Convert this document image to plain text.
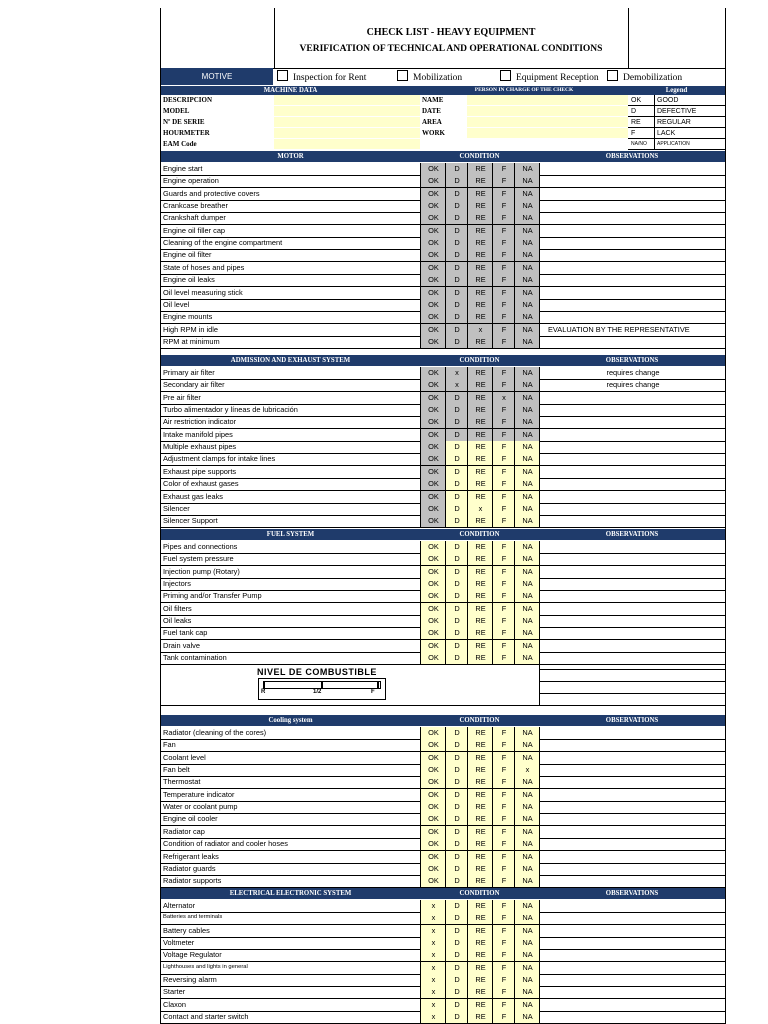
CHECK LIST - HEAVY EQUIPMENT
VERIFICATION OF TECHNICAL AND OPERATIONAL CONDITIONS
MOTIVE	Inspection for Rent	Mobilization	Equipment Reception	Demobilization
MACHINE DATA	PERSON IN CHARGE OF THE CHECK	Legend
DESCRIPCION	NAME	OK	GOOD
MODEL	DATE	D	DEFECTIVE
Nº DE SERIE	AREA	RE	REGULAR
HOURMETER	WORK	F	LACK
EAM Code	NA/NO	APPLICATION
MOTOR	CONDITION	OBSERVATIONS
Engine start	OK	D	RE	F	NA
Engine operation	OK	D	RE	F	NA
Guards and protective covers	OK	D	RE	F	NA
Crankcase breather	OK	D	RE	F	NA
Crankshaft dumper	OK	D	RE	F	NA
Engine oil filler cap	OK	D	RE	F	NA
Cleaning of the engine compartment	OK	D	RE	F	NA
Engine oil filter	OK	D	RE	F	NA
State of hoses and pipes	OK	D	RE	F	NA
Engine oil leaks	OK	D	RE	F	NA
Oil level measuring stick	OK	D	RE	F	NA
Oil level	OK	D	RE	F	NA
Engine mounts	OK	D	RE	F	NA
High RPM in idle	OK	D	x	F	NA	EVALUATION BY THE REPRESENTATIVE
RPM at minimum	OK	D	RE	F	NA
ADMISSION AND EXHAUST SYSTEM	CONDITION	OBSERVATIONS
Primary air filter	OK	x	RE	F	NA	requires change
Secondary air filter	OK	x	RE	F	NA	requires change
Pre air filter	OK	D	RE	x	NA
Turbo alimentador y líneas de lubricación	OK	D	RE	F	NA
Air restriction indicator	OK	D	RE	F	NA
Intake manifold pipes	OK	D	RE	F	NA
Multiple exhaust pipes	OK	D	RE	F	NA
Adjustment clamps for intake lines	OK	D	RE	F	NA
Exhaust pipe supports	OK	D	RE	F	NA
Color of exhaust gases	OK	D	RE	F	NA
Exhaust gas leaks	OK	D	RE	F	NA
Silencer	OK	D	x	F	NA
Silencer Support	OK	D	RE	F	NA
FUEL SYSTEM	CONDITION	OBSERVATIONS
Pipes and connections	OK	D	RE	F	NA
Fuel system pressure	OK	D	RE	F	NA
Injection pump (Rotary)	OK	D	RE	F	NA
Injectors	OK	D	RE	F	NA
Priming and/or Transfer Pump	OK	D	RE	F	NA
Oil filters	OK	D	RE	F	NA
Oil leaks	OK	D	RE	F	NA
Fuel tank cap	OK	D	RE	F	NA
Drain valve	OK	D	RE	F	NA
Tank contamination	OK	D	RE	F	NA
Cooling system	CONDITION	OBSERVATIONS
Radiator (cleaning of the cores)	OK	D	RE	F	NA
Fan	OK	D	RE	F	NA
Coolant level	OK	D	RE	F	NA
Fan belt	OK	D	RE	F	x
Thermostat	OK	D	RE	F	NA
Temperature indicator	OK	D	RE	F	NA
Water or coolant pump	OK	D	RE	F	NA
Engine oil cooler	OK	D	RE	F	NA
Radiator cap	OK	D	RE	F	NA
Condition of radiator and cooler hoses	OK	D	RE	F	NA
Refrigerant leaks	OK	D	RE	F	NA
Radiator guards	OK	D	RE	F	NA
Radiator supports	OK	D	RE	F	NA
ELECTRICAL ELECTRONIC SYSTEM	CONDITION	OBSERVATIONS
Alternator	x	D	RE	F	NA
Batteries and terminals	x	D	RE	F	NA
Battery cables	x	D	RE	F	NA
Voltmeter	x	D	RE	F	NA
Voltage Regulator	x	D	RE	F	NA
Lighthouses and lights in general	x	D	RE	F	NA
Reversing alarm	x	D	RE	F	NA
Starter	x	D	RE	F	NA
Claxon	x	D	RE	F	NA
Contact and starter switch	x	D	RE	F	NA
NIVEL DE COMBUSTIBLE
R	1/2	F
